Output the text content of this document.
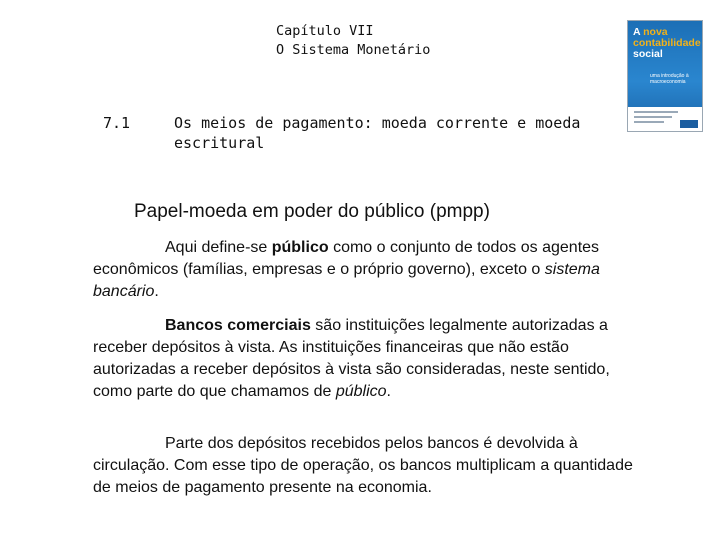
Capítulo VII
O Sistema Monetário
A nova
contabilidade
social
uma introdução à macroeconomia
7.1	Os meios de pagamento: moeda corrente e moeda escritural
Papel-moeda em poder do público (pmpp)
Aqui define-se público como o conjunto de todos os agentes econômicos (famílias, empresas e o próprio governo), exceto o sistema bancário.
Bancos comerciais são instituições legalmente autorizadas a receber depósitos à vista. As instituições financeiras que não estão autorizadas a receber depósitos à vista são consideradas, neste sentido, como parte do que chamamos de público.
Parte dos depósitos recebidos pelos bancos é devolvida à circulação. Com esse tipo de operação, os bancos multiplicam a quantidade de meios de pagamento presente na economia.
